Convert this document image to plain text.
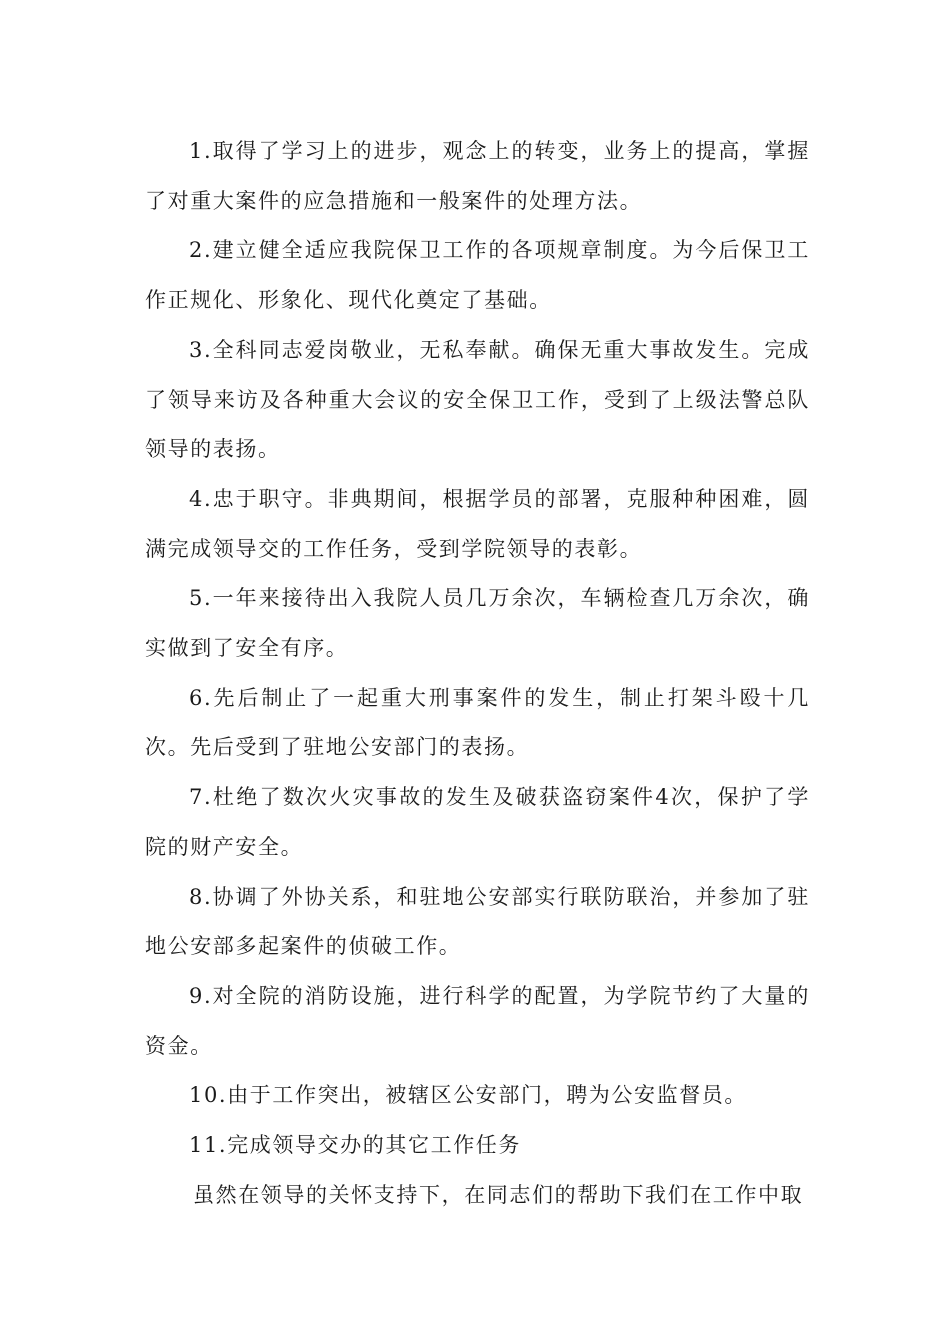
1.取得了学习上的进步，观念上的转变，业务上的提高，掌握了对重大案件的应急措施和一般案件的处理方法。

2.建立健全适应我院保卫工作的各项规章制度。为今后保卫工作正规化、形象化、现代化奠定了基础。

3.全科同志爱岗敬业，无私奉献。确保无重大事故发生。完成了领导来访及各种重大会议的安全保卫工作，受到了上级法警总队领导的表扬。

4.忠于职守。非典期间，根据学员的部署，克服种种困难，圆满完成领导交的工作任务，受到学院领导的表彰。

5.一年来接待出入我院人员几万余次，车辆检查几万余次，确实做到了安全有序。

6.先后制止了一起重大刑事案件的发生，制止打架斗殴十几次。先后受到了驻地公安部门的表扬。

7.杜绝了数次火灾事故的发生及破获盗窃案件4次，保护了学院的财产安全。

8.协调了外协关系，和驻地公安部实行联防联治，并参加了驻地公安部多起案件的侦破工作。

9.对全院的消防设施，进行科学的配置，为学院节约了大量的资金。

10.由于工作突出，被辖区公安部门，聘为公安监督员。

11.完成领导交办的其它工作任务

虽然在领导的关怀支持下，在同志们的帮助下我们在工作中取
